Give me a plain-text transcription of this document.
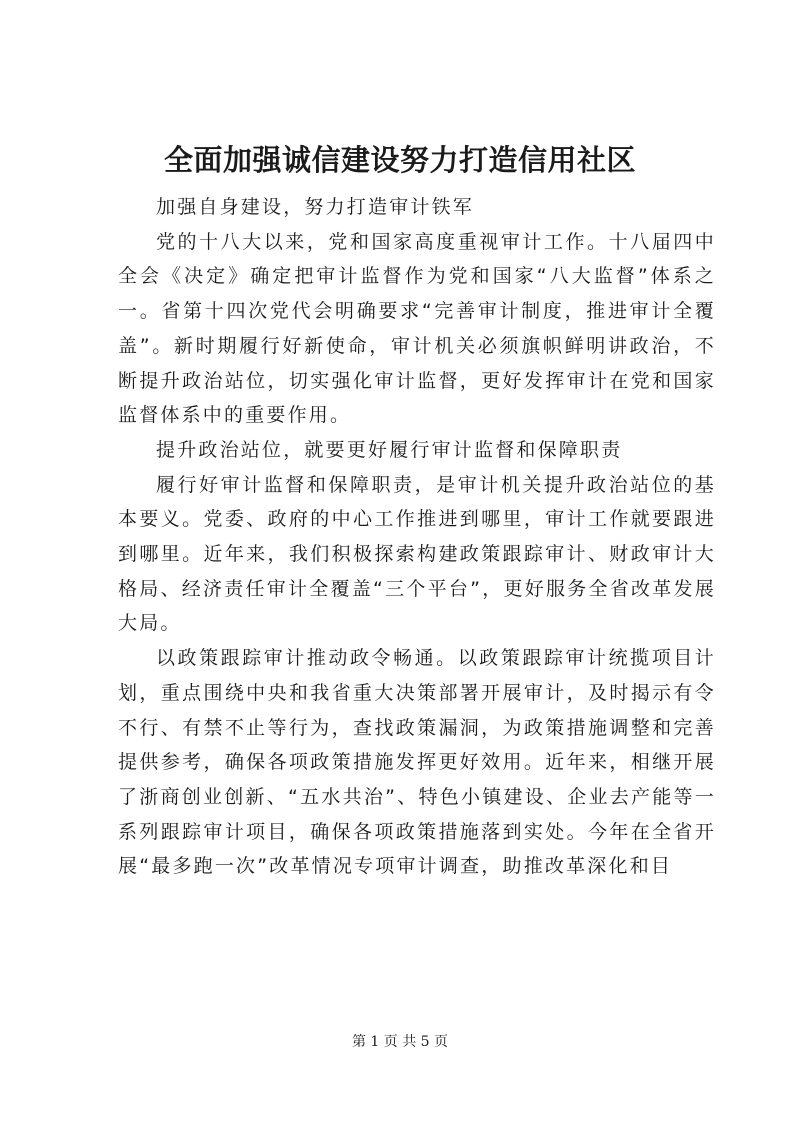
全面加强诚信建设努力打造信用社区

加强自身建设，努力打造审计铁军

党的十八大以来，党和国家高度重视审计工作。十八届四中全会《决定》确定把审计监督作为党和国家“八大监督”体系之一。省第十四次党代会明确要求“完善审计制度，推进审计全覆盖”。新时期履行好新使命，审计机关必须旗帜鲜明讲政治，不断提升政治站位，切实强化审计监督，更好发挥审计在党和国家监督体系中的重要作用。

提升政治站位，就要更好履行审计监督和保障职责

履行好审计监督和保障职责，是审计机关提升政治站位的基本要义。党委、政府的中心工作推进到哪里，审计工作就要跟进到哪里。近年来，我们积极探索构建政策跟踪审计、财政审计大格局、经济责任审计全覆盖“三个平台”，更好服务全省改革发展大局。

以政策跟踪审计推动政令畅通。以政策跟踪审计统揽项目计划，重点围绕中央和我省重大决策部署开展审计，及时揭示有令不行、有禁不止等行为，查找政策漏洞，为政策措施调整和完善提供参考，确保各项政策措施发挥更好效用。近年来，相继开展了浙商创业创新、“五水共治”、特色小镇建设、企业去产能等一系列跟踪审计项目，确保各项政策措施落到实处。今年在全省开展“最多跑一次”改革情况专项审计调查，助推改革深化和目

第 1 页 共 5 页
